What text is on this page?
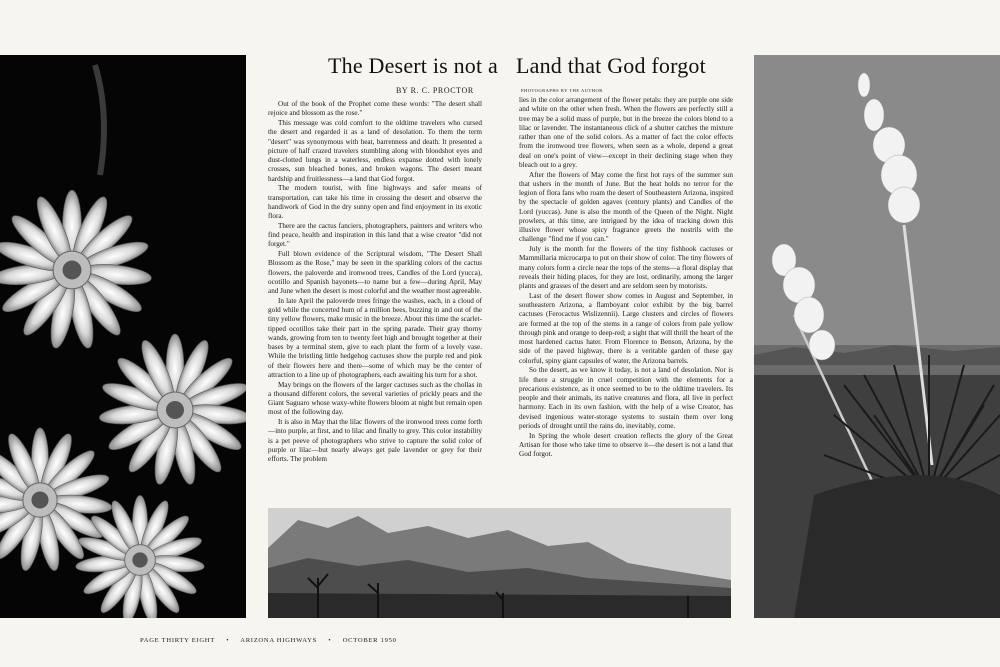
The Desert is not a Land that God forgot
BY R. C. PROCTOR	PHOTOGRAPHS BY THE AUTHOR

Out of the book of the Prophet come these words: "The desert shall rejoice and blossom as the rose."

This message was cold comfort to the oldtime travelers who cursed the desert and regarded it as a land of desolation. To them the term "desert" was synonymous with heat, barrenness and death. It presented a picture of half crazed travelers stumbling along with bloodshot eyes and dust-clotted lungs in a waterless, endless expanse dotted with lonely crosses, sun bleached bones, and broken wagons. The desert meant hardship and fruitlessness—a land that God forgot.

The modern tourist, with fine highways and safer means of transportation, can take his time in crossing the desert and observe the handiwork of God in the dry sunny open and find enjoyment in its exotic flora.

There are the cactus fanciers, photographers, painters and writers who find peace, health and inspiration in this land that a wise creator "did not forget."

Full blown evidence of the Scriptural wisdom, "The Desert Shall Blossom as the Rose," may be seen in the sparkling colors of the cactus flowers, the paloverde and ironwood trees, Candles of the Lord (yucca), ocotillo and Spanish bayonets—to name but a few—during April, May and June when the desert is most colorful and the weather most agreeable.

In late April the paloverde trees fringe the washes, each, in a cloud of gold while the concerted hum of a million bees, buzzing in and out of the tiny yellow flowers, make music in the breeze. About this time the scarlet-tipped ocotillos take their part in the spring parade. Their gray thorny wands, growing from ten to twenty feet high and brought together at their bases by a terminal stem, give to each plant the form of a lovely vase. While the bristling little hedgehog cactuses show the purple red and pink of their flowers here and there—some of which may be the center of attraction to a line up of photographers, each awaiting his turn for a shot.

May brings on the flowers of the larger cactuses such as the chollas in a thousand different colors, the several varieties of prickly pears and the Giant Saguaro whose waxy-white flowers bloom at night but remain open most of the following day.

It is also in May that the lilac flowers of the ironwood trees come forth—into purple, at first, and to lilac and finally to grey. This color instability is a pet peeve of photographers who strive to capture the solid color of purple or lilac—but nearly always get pale lavender or grey for their efforts. The problem

lies in the color arrangement of the flower petals: they are purple one side and white on the other when fresh. When the flowers are perfectly still a tree may be a solid mass of purple, but in the breeze the colors blend to a lilac or lavender. The instantaneous click of a shutter catches the mixture rather than one of the solid colors. As a matter of fact the color effects from the ironwood tree flowers, when seen as a whole, depend a great deal on one's point of view—except in their declining stage when they bleach out to a grey.

After the flowers of May come the first hot rays of the summer sun that ushers in the month of June. But the heat holds no terror for the legion of flora fans who roam the desert of Southeastern Arizona, inspired by the spectacle of golden agaves (century plants) and Candles of the Lord (yuccas). June is also the month of the Queen of the Night. Night prowlers, at this time, are intrigued by the idea of tracking down this illusive flower whose spicy fragrance greets the nostrils with the challenge "find me if you can."

July is the month for the flowers of the tiny fishhook cactuses or Mammillaria microcarpa to put on their show of color. The tiny flowers of many colors form a circle near the tops of the stems—a floral display that reveals their hiding places, for they are lost, ordinarily, among the larger plants and grasses of the desert and are seldom seen by motorists.

Last of the desert flower show comes in August and September, in southeastern Arizona, a flamboyant color exhibit by the big barrel cactuses (Ferocactus Wislizennii). Large clusters and circles of flowers are formed at the top of the stems in a range of colors from pale yellow through pink and orange to deep-red; a sight that will thrill the heart of the most hardened cactus hater. From Florence to Benson, Arizona, by the side of the paved highway, there is a veritable garden of these gay colorful, spiny giant capsules of water, the Arizona barrels.

So the desert, as we know it today, is not a land of desolation. Nor is life there a struggle in cruel competition with the elements for a precarious existence, as it once seemed to be to the oldtime travelers. Its people and their animals, its native creatures and flora, all live in perfect harmony. Each in its own fashion, with the help of a wise Creator, has devised ingenious water-storage systems to sustain them over long periods of drought until the rains do, inevitably, come.

In Spring the whole desert creation reflects the glory of the Great Artisan for those who take time to observe it—the desert is not a land that God forgot.

PAGE THIRTY EIGHT • ARIZONA HIGHWAYS • OCTOBER 1950
